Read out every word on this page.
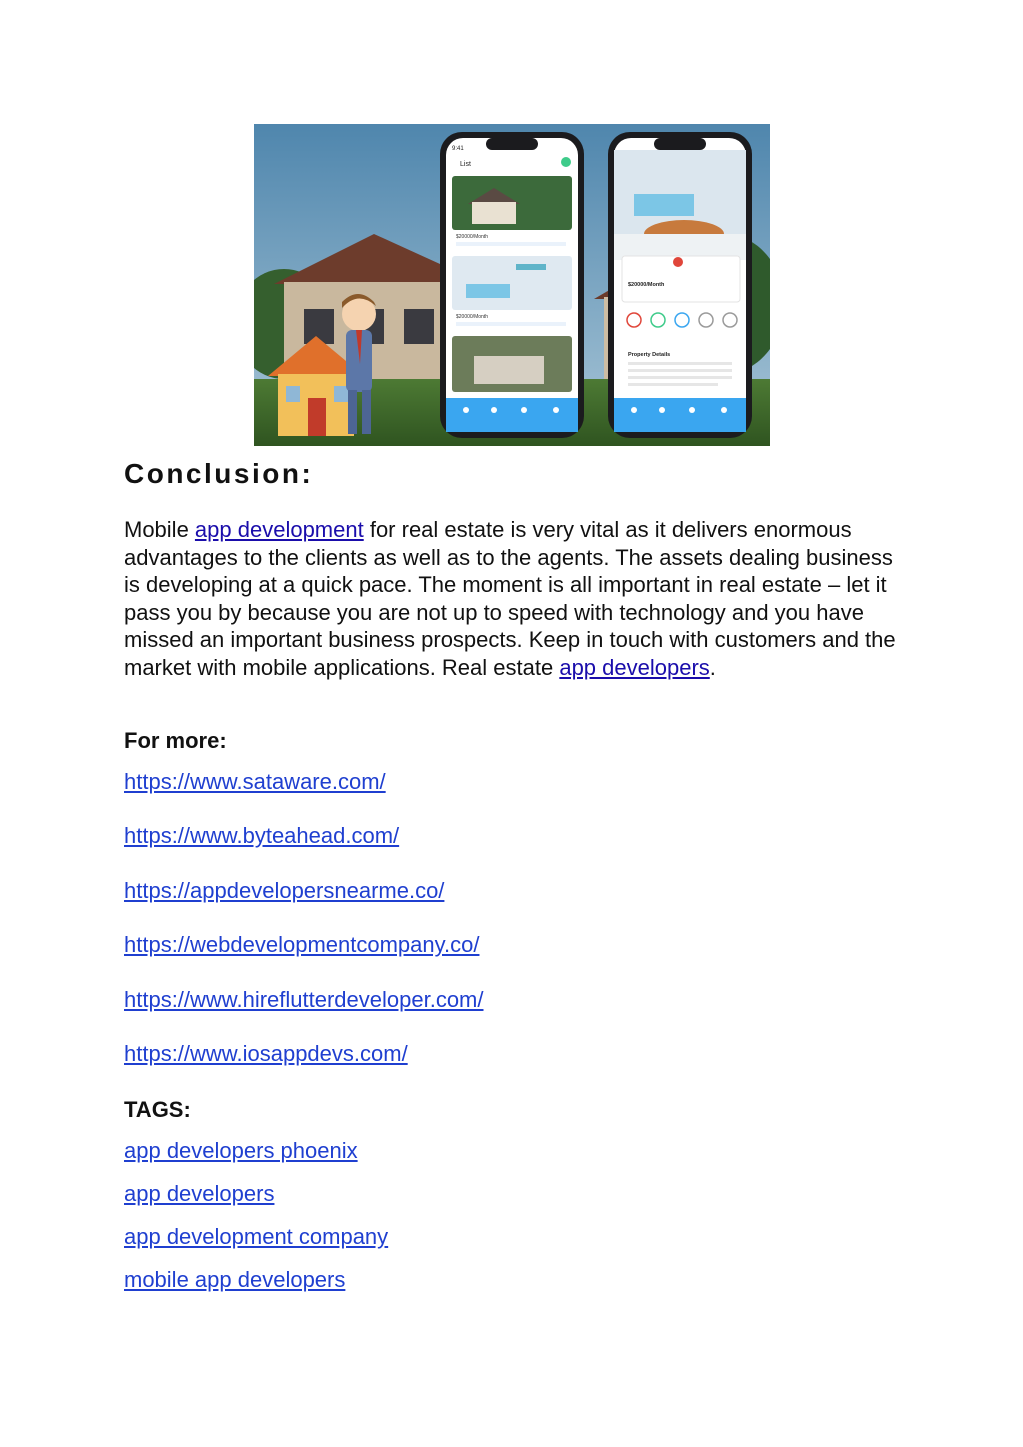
9:41
List
$20000/Month
$20000/Month
$20000/Month
Property Details
Conclusion:

Mobile app development for real estate is very vital as it delivers enormous advantages to the clients as well as to the agents. The assets dealing business is developing at a quick pace. The moment is all important in real estate – let it pass you by because you are not up to speed with technology and you have missed an important business prospects. Keep in touch with customers and the market with mobile applications. Real estate app developers.

For more:

https://www.sataware.com/
https://www.byteahead.com/
https://appdevelopersnearme.co/
https://webdevelopmentcompany.co/
https://www.hireflutterdeveloper.com/
https://www.iosappdevs.com/

TAGS:

app developers phoenix
app developers
app development company
mobile app developers
